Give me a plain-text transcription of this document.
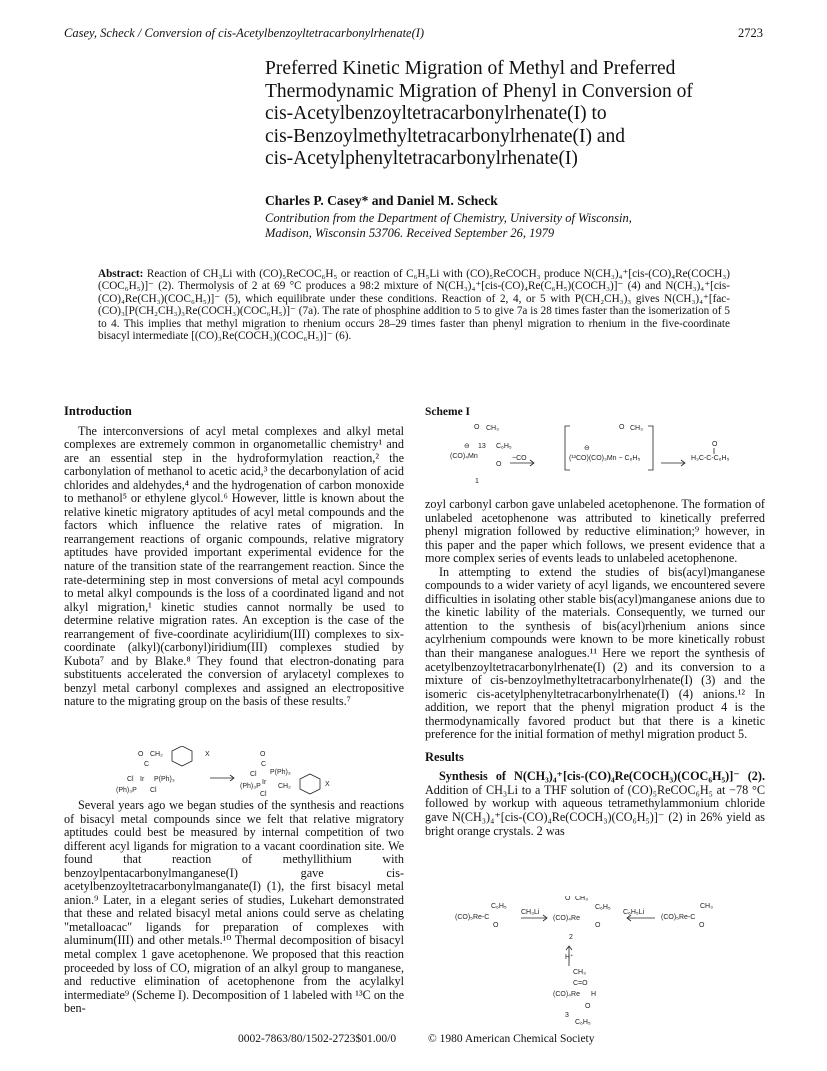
Casey, Scheck / Conversion of cis-Acetylbenzoyltetracarbonylrhenate(I)	2723
Preferred Kinetic Migration of Methyl and Preferred
Thermodynamic Migration of Phenyl in Conversion of
cis-Acetylbenzoyltetracarbonylrhenate(I) to
cis-Benzoylmethyltetracarbonylrhenate(I) and
cis-Acetylphenyltetracarbonylrhenate(I)
Charles P. Casey* and Daniel M. Scheck
Contribution from the Department of Chemistry, University of Wisconsin,
Madison, Wisconsin 53706. Received September 26, 1979
Abstract: Reaction of CH₃Li with (CO)₅ReCOC₆H₅ or reaction of C₆H₅Li with (CO)₅ReCOCH₃ produce N(CH₃)₄⁺[cis-(CO)₄Re(COCH₃)(COC₆H₅)]⁻ (2). Thermolysis of 2 at 69 °C produces a 98:2 mixture of N(CH₃)₄⁺[cis-(CO)₄Re(C₆H₅)(COCH₃)]⁻ (4) and N(CH₃)₄⁺[cis-(CO)₄Re(CH₃)(COC₆H₅)]⁻ (5), which equilibrate under these conditions. Reaction of 2, 4, or 5 with P(CH₂CH₃)₃ gives N(CH₃)₄⁺[fac-(CO)₃[P(CH₂CH₃)₃Re(COCH₃)(COC₆H₅)]⁻ (7a). The rate of phosphine addition to 5 to give 7a is 28 times faster than the isomerization of 5 to 4. This implies that methyl migration to rhenium occurs 28–29 times faster than phenyl migration to rhenium in the five-coordinate bisacyl intermediate [(CO)₃Re(COCH₃)(COC₆H₅)]⁻ (6).
Introduction

The interconversions of acyl metal complexes and alkyl metal complexes are extremely common in organometallic chemistry¹ and are an essential step in the hydroformylation reaction,² the carbonylation of methanol to acetic acid,³ the decarbonylation of acid chlorides and aldehydes,⁴ and the hydrogenation of carbon monoxide to methanol⁵ or ethylene glycol.⁶ However, little is known about the relative kinetic migratory aptitudes of acyl metal compounds and the factors which influence the relative rates of migration. In rearrangement reactions of organic compounds, relative migratory aptitudes have provided important experimental evidence for the nature of the transition state of the rearrangement reaction. Since the rate-determining step in most conversions of metal acyl compounds to metal alkyl compounds is the loss of a coordinated ligand and not alkyl migration,¹ kinetic studies cannot normally be used to determine relative migration rates. An exception is the case of the rearrangement of five-coordinate acyliridium(III) complexes to six-coordinate (alkyl)(carbonyl)iridium(III) complexes studied by Kubota⁷ and by Blake.⁸ They found that electron-donating para substituents accelerated the conversion of arylacetyl complexes to benzyl metal carbonyl complexes and assigned an electropositive nature to the migrating group on the basis of these results.⁷

CH₂
O
C
X
Cl Ir P(Ph)₃
(Ph)₃P Cl
O
C
Cl P(Ph)₃
(Ph)₃P
Ir
CH₂	X
Cl

Several years ago we began studies of the synthesis and reactions of bisacyl metal compounds since we felt that relative migratory aptitudes could best be measured by internal competition of two different acyl ligands for migration to a vacant coordination site. We found that reaction of methyllithium with benzoylpentacarbonylmanganese(I) gave cis-acetylbenzoyltetracarbonylmanganate(I) (1), the first bisacyl metal anion.⁹ Later, in a elegant series of studies, Lukehart demonstrated that these and related bisacyl metal anions could serve as chelating "metalloacac" ligands for preparation of complexes with aluminum(III) and other metals.¹⁰ Thermal decomposition of bisacyl metal complex 1 gave acetophenone. We proposed that this reaction proceeded by loss of CO, migration of an alkyl group to manganese, and reductive elimination of acetophenone from the acylalkyl intermediate⁹ (Scheme I). Decomposition of 1 labeled with ¹³C on the ben-

Scheme I
O CH₃
C₆H₅
13
⊖
(CO)₄Mn
O
−CO	(¹³CO)(CO)₃Mn − C₆H₅
O CH₃
⊖
H₃C-C-C₆H₅
O
1

zoyl carbonyl carbon gave unlabeled acetophenone. The formation of unlabeled acetophenone was attributed to kinetically preferred phenyl migration followed by reductive elimination;⁹ however, in this paper and the paper which follows, we present evidence that a more complex series of events leads to unlabeled acetophenone.

In attempting to extend the studies of bis(acyl)manganese compounds to a wider variety of acyl ligands, we encountered severe difficulties in isolating other stable bis(acyl)manganese anions due to the kinetic lability of the materials. Consequently, we turned our attention to the synthesis of bis(acyl)rhenium anions since acylrhenium compounds were known to be more kinetically robust than their manganese analogues.¹¹ Here we report the synthesis of acetylbenzoyltetracarbonylrhenate(I) (2) and its conversion to a mixture of cis-benzoylmethyltetracarbonylrhenate(I) (3) and the isomeric cis-acetylphenyltetracarbonylrhenate(I) (4) anions.¹² In addition, we report that the phenyl migration product 4 is the thermodynamically favored product but that there is a kinetic preference for the initial formation of methyl migration product 5.

Results

Synthesis of N(CH₃)₄⁺[cis-(CO)₄Re(COCH₃)(COC₆H₅)]⁻ (2). Addition of CH₃Li to a THF solution of (CO)₅ReCOC₆H₅ at −78 °C followed by workup with aqueous tetramethylammonium chloride gave N(CH₃)₄⁺[cis-(CO)₄Re(COCH₃)(CO₆H₅)]⁻ (2) in 26% yield as bright orange crystals. 2 was

(CO)₅Re-C
C₆H₅
O
CH₃Li
O CH₃
(CO)₄Re
C₆H₅
O
C₆H₅Li
(CO)₅Re-C
CH₃
O
2
H⁺
CH₃
C=O
(CO)₄Re H
O
3
C₆H₅
0002-7863/80/1502-2723$01.00/0	© 1980 American Chemical Society
